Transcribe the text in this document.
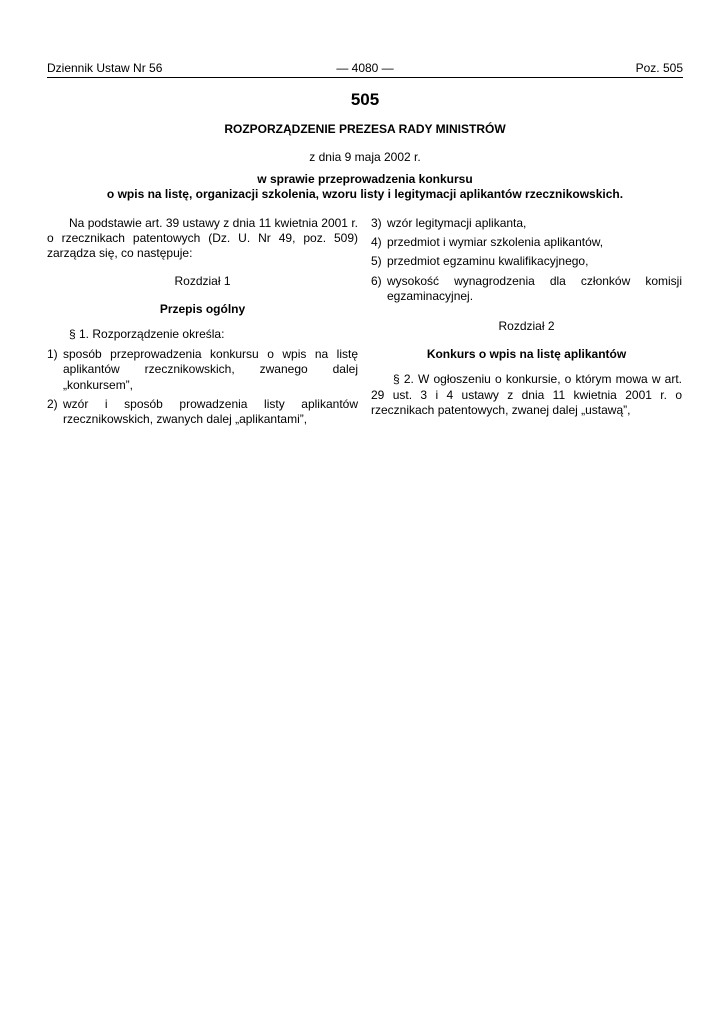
Dziennik Ustaw Nr 56	— 4080 —	Poz. 505
505
ROZPORZĄDZENIE PREZESA RADY MINISTRÓW
z dnia 9 maja 2002 r.
w sprawie przeprowadzenia konkursu
o wpis na listę, organizacji szkolenia, wzoru listy i legitymacji aplikantów rzecznikowskich.

Na podstawie art. 39 ustawy z dnia 11 kwietnia 2001 r. o rzecznikach patentowych (Dz. U. Nr 49, poz. 509) zarządza się, co następuje:

Rozdział 1

Przepis ogólny

§ 1. Rozporządzenie określa:

1) sposób przeprowadzenia konkursu o wpis na listę aplikantów rzecznikowskich, zwanego dalej „konkursem”,
2) wzór i sposób prowadzenia listy aplikantów rzecznikowskich, zwanych dalej „aplikantami”,
3) wzór legitymacji aplikanta,
4) przedmiot i wymiar szkolenia aplikantów,
5) przedmiot egzaminu kwalifikacyjnego,
6) wysokość wynagrodzenia dla członków komisji egzaminacyjnej.

Rozdział 2

Konkurs o wpis na listę aplikantów

§ 2. W ogłoszeniu o konkursie, o którym mowa w art. 29 ust. 3 i 4 ustawy z dnia 11 kwietnia 2001 r. o rzecznikach patentowych, zwanej dalej „ustawą”,
